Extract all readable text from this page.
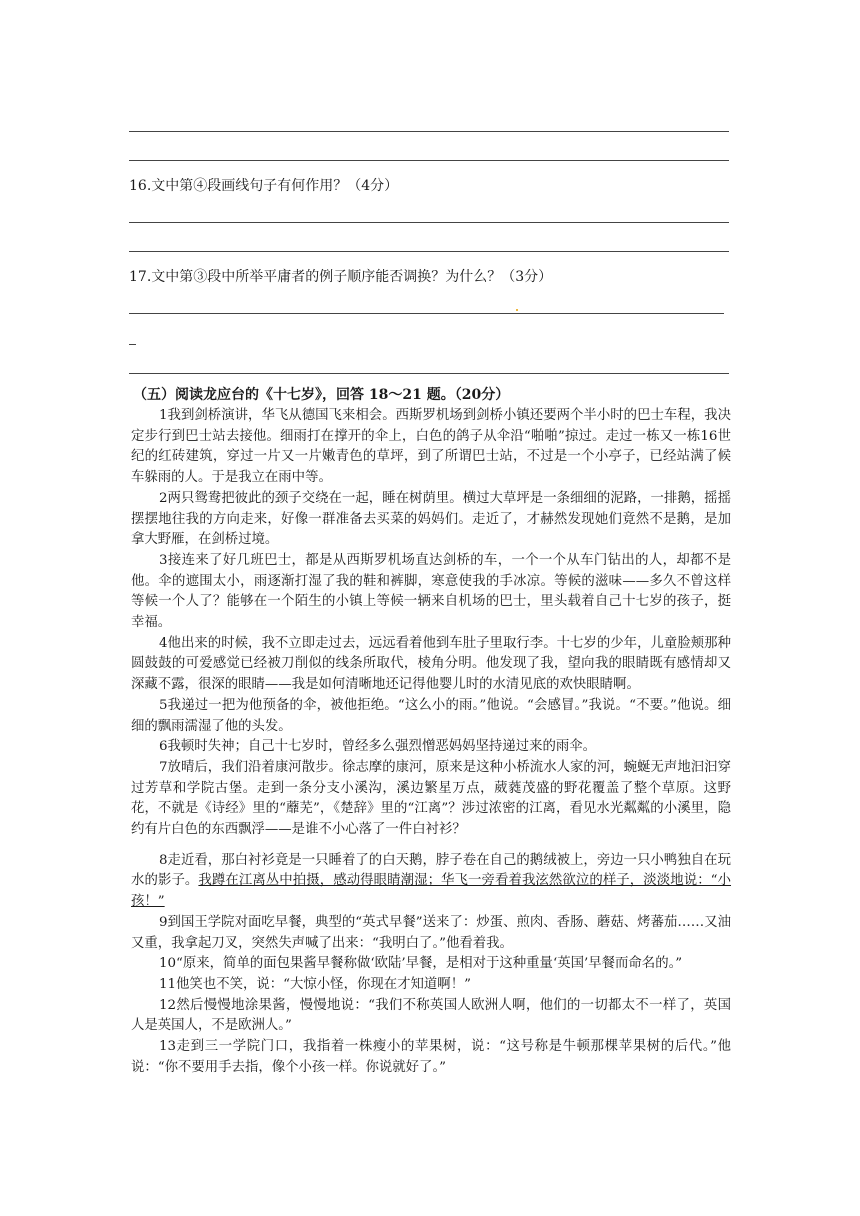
16.文中第④段画线句子有何作用？（4分）
17.文中第③段中所举平庸者的例子顺序能否调换？为什么？（3分）
（五）阅读龙应台的《十七岁》，回答 18～21 题。（20分）

1我到剑桥演讲，华飞从德国飞来相会。西斯罗机场到剑桥小镇还要两个半小时的巴士车程，我决定步行到巴士站去接他。细雨打在撑开的伞上，白色的鸽子从伞沿“啪啪”掠过。走过一栋又一栋16世纪的红砖建筑，穿过一片又一片嫩青色的草坪，到了所谓巴士站，不过是一个小亭子，已经站满了候车躲雨的人。于是我立在雨中等。

2两只鸳鸯把彼此的颈子交绕在一起，睡在树荫里。横过大草坪是一条细细的泥路，一排鹅，摇摇摆摆地往我的方向走来，好像一群准备去买菜的妈妈们。走近了，才赫然发现她们竟然不是鹅，是加拿大野雁，在剑桥过境。

3接连来了好几班巴士，都是从西斯罗机场直达剑桥的车，一个一个从车门钻出的人，却都不是他。伞的遮围太小，雨逐渐打湿了我的鞋和裤脚，寒意使我的手冰凉。等候的滋味——多久不曾这样等候一个人了？能够在一个陌生的小镇上等候一辆来自机场的巴士，里头载着自己十七岁的孩子，挺幸福。

4他出来的时候，我不立即走过去，远远看着他到车肚子里取行李。十七岁的少年，儿童脸颊那种圆鼓鼓的可爱感觉已经被刀削似的线条所取代，棱角分明。他发现了我，望向我的眼睛既有感情却又深藏不露，很深的眼睛——我是如何清晰地还记得他婴儿时的水清见底的欢快眼睛啊。

5我递过一把为他预备的伞，被他拒绝。“这么小的雨。”他说。“会感冒。”我说。“不要。”他说。细细的飘雨濡湿了他的头发。

6我顿时失神；自己十七岁时，曾经多么强烈憎恶妈妈坚持递过来的雨伞。

7放晴后，我们沿着康河散步。徐志摩的康河，原来是这种小桥流水人家的河，蜿蜒无声地汩汩穿过芳草和学院古堡。走到一条分支小溪沟，溪边繁星万点，葳蕤茂盛的野花覆盖了整个草原。这野花，不就是《诗经》里的“蘼芜”，《楚辞》里的“江离”？涉过浓密的江离，看见水光粼粼的小溪里，隐约有片白色的东西飘浮——是谁不小心落了一件白衬衫？

8走近看，那白衬衫竟是一只睡着了的白天鹅，脖子卷在自己的鹅绒被上，旁边一只小鸭独自在玩水的影子。我蹲在江离丛中拍摄，感动得眼睛潮湿；华飞一旁看着我泫然欲泣的样子，淡淡地说：“小孩！”

9到国王学院对面吃早餐，典型的“英式早餐”送来了：炒蛋、煎肉、香肠、蘑菇、烤蕃茄……又油又重，我拿起刀叉，突然失声喊了出来：“我明白了。”他看着我。

10“原来，简单的面包果酱早餐称做‘欧陆’早餐，是相对于这种重量‘英国’早餐而命名的。”

11他笑也不笑，说：“大惊小怪，你现在才知道啊！”

12然后慢慢地涂果酱，慢慢地说：“我们不称英国人欧洲人啊，他们的一切都太不一样了，英国人是英国人，不是欧洲人。”

13走到三一学院门口，我指着一株瘦小的苹果树，说：“这号称是牛顿那棵苹果树的后代。”他说：“你不要用手去指，像个小孩一样。你说就好了。”
